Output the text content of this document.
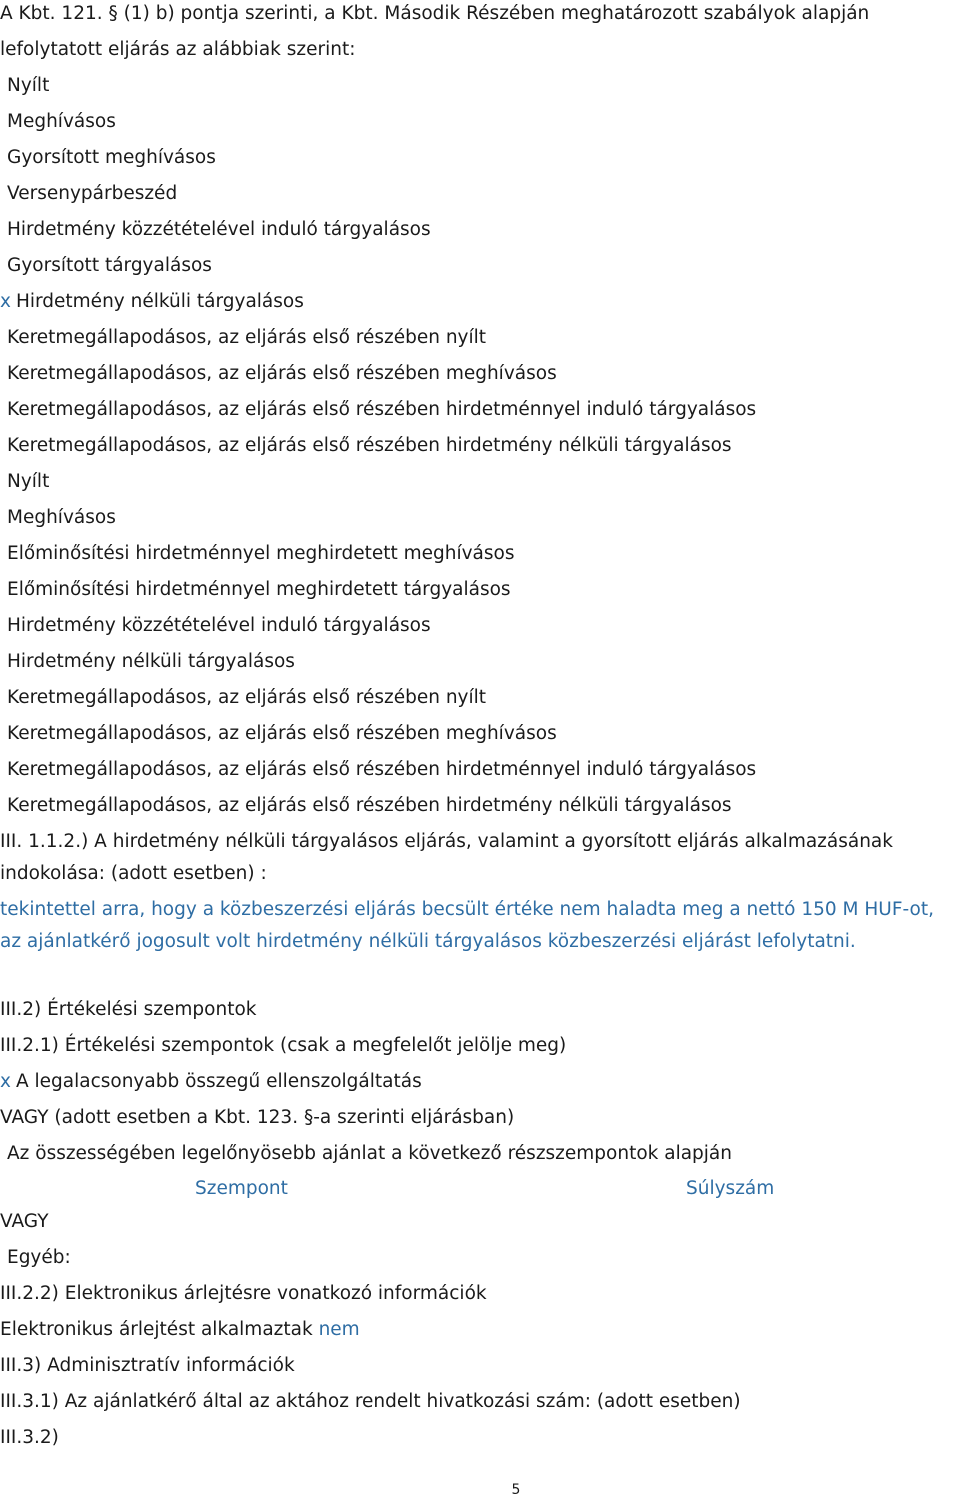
A Kbt. 121. § (1) b) pontja szerinti, a Kbt. Második Részében meghatározott szabályok alapján
lefolytatott eljárás az alábbiak szerint:
Nyílt
Meghívásos
Gyorsított meghívásos
Versenypárbeszéd
Hirdetmény közzétételével induló tárgyalásos
Gyorsított tárgyalásos
x Hirdetmény nélküli tárgyalásos
Keretmegállapodásos, az eljárás első részében nyílt
Keretmegállapodásos, az eljárás első részében meghívásos
Keretmegállapodásos, az eljárás első részében hirdetménnyel induló tárgyalásos
Keretmegállapodásos, az eljárás első részében hirdetmény nélküli tárgyalásos
Nyílt
Meghívásos
Előminősítési hirdetménnyel meghirdetett meghívásos
Előminősítési hirdetménnyel meghirdetett tárgyalásos
Hirdetmény közzétételével induló tárgyalásos
Hirdetmény nélküli tárgyalásos
Keretmegállapodásos, az eljárás első részében nyílt
Keretmegállapodásos, az eljárás első részében meghívásos
Keretmegállapodásos, az eljárás első részében hirdetménnyel induló tárgyalásos
Keretmegállapodásos, az eljárás első részében hirdetmény nélküli tárgyalásos
III. 1.1.2.) A hirdetmény nélküli tárgyalásos eljárás, valamint a gyorsított eljárás alkalmazásának indokolása: (adott esetben) :
tekintettel arra, hogy a közbeszerzési eljárás becsült értéke nem haladta meg a nettó 150 M HUF-ot, az ajánlatkérő jogosult volt hirdetmény nélküli tárgyalásos közbeszerzési eljárást lefolytatni.
III.2) Értékelési szempontok
III.2.1) Értékelési szempontok (csak a megfelelőt jelölje meg)
x A legalacsonyabb összegű ellenszolgáltatás
VAGY (adott esetben a Kbt. 123. §-a szerinti eljárásban)
Az összességében legelőnyösebb ajánlat a következő részszempontok alapján
Szempont	Súlyszám
VAGY
Egyéb:
III.2.2) Elektronikus árlejtésre vonatkozó információk
Elektronikus árlejtést alkalmaztak nem
III.3) Adminisztratív információk
III.3.1) Az ajánlatkérő által az aktához rendelt hivatkozási szám: (adott esetben)
III.3.2)
5
